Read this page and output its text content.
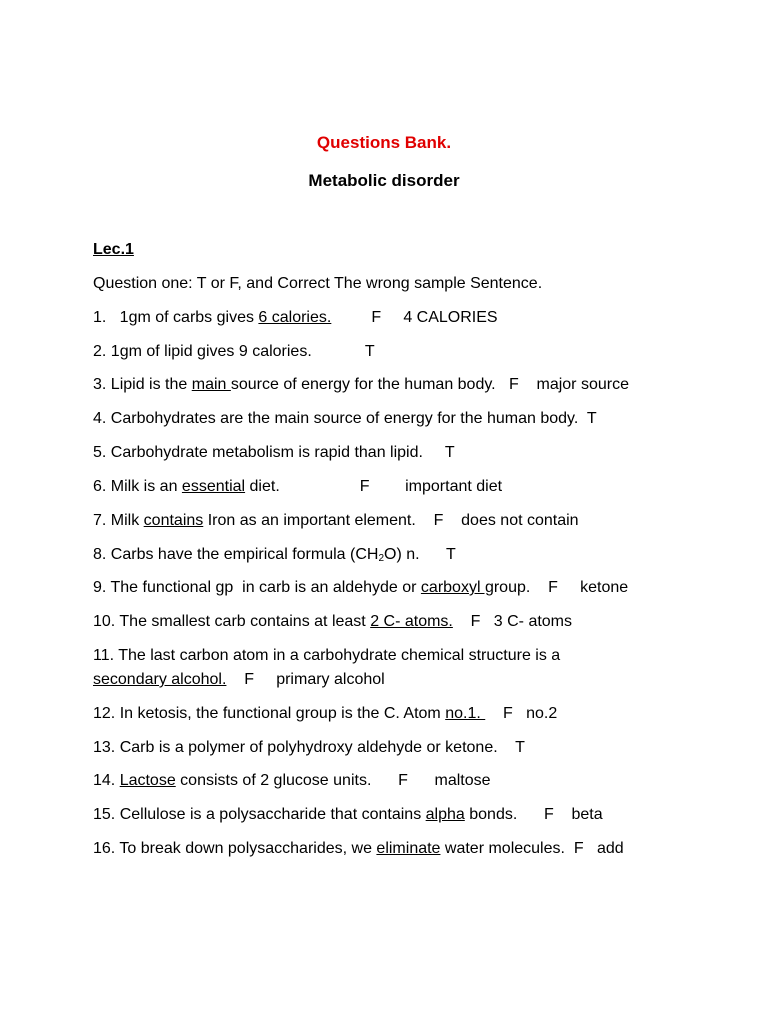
Questions Bank.
Metabolic disorder
Lec.1
Question one: T or F, and Correct The wrong sample Sentence.
1.   1gm of carbs gives 6 calories.         F     4 CALORIES
2. 1gm of lipid gives 9 calories.            T
3. Lipid is the main source of energy for the human body.   F    major source
4. Carbohydrates are the main source of energy for the human body.  T
5. Carbohydrate metabolism is rapid than lipid.     T
6. Milk is an essential diet.                  F        important diet
7. Milk contains Iron as an important element.    F    does not contain
8. Carbs have the empirical formula $(CH_2O)$ n.      T
9. The functional gp  in carb is an aldehyde or carboxyl group.    F     ketone
10. The smallest carb contains at least 2 C- atoms.    F   3 C- atoms
11. The last carbon atom in a carbohydrate chemical structure is a
secondary alcohol.    F     primary alcohol
12. In ketosis, the functional group is the C. Atom no.1.     F   no.2
13. Carb is a polymer of polyhydroxy aldehyde or ketone.    T
14. Lactose consists of 2 glucose units.      F      maltose
15. Cellulose is a polysaccharide that contains alpha bonds.      F    beta
16. To break down polysaccharides, we eliminate water molecules.  F   add
